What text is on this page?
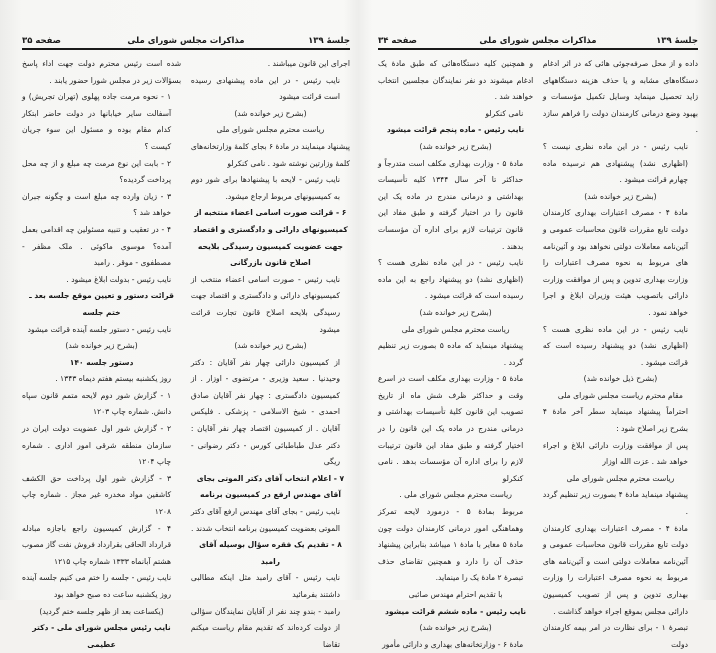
جلسهٔ ۱۳۹
مذاکرات مجلس شورای ملی
صفحه ۳۵

اجرای این قانون میباشند .

نایب رئیس - در این ماده پیشنهادی رسیده است قرائت میشود

(بشرح زیر خوانده شد)

ریاست محترم مجلس شورای ملی

پیشنهاد مینمایند در مادهٔ ۶ بجای کلمهٔ وزارتخانه‌های کلمهٔ وزارتین نوشته شود . نامی کنکرلو

نایب رئیس - لایحه با پیشنهادها برای شور دوم به کمیسیونهای مربوط ارجاع میشود.

۶ - قرائت صورت اسامی اعضاء منتخبه از کمیسیونهای دارائی و دادگستری و اقتصاد جهت عضویت کمیسیون رسیدگی بلایحه اصلاح قانون بازرگانی

نایب رئیس - صورت اسامی اعضاء منتخب از کمیسیونهای دارائی و دادگستری و اقتصاد جهت رسیدگی بلایحه اصلاح قانون تجارت قرائت میشود

(بشرح زیر خوانده شد)

از کمیسیون دارائی چهار نفر آقایان : دکتر وحیدنیا . سعید وزیری - مرتضوی - اوزار . از کمیسیون دادگستری : چهار نفر آقایان صادق احمدی - شیخ الاسلامی - پزشکی . فلیکس آقایان . از کمیسیون اقتصاد چهار نفر آقایان : دکتر عدل طباطبائی کورس - دکتر رضوانی - ریگی

۷ - اعلام انتخاب آقای دکتر الموتی بجای آقای مهندس ارفع در کمیسیون برنامه

نایب رئیس - بجای آقای مهندس ارفع آقای دکتر الموتی بعضویت کمیسیون برنامه انتخاب شدند .

۸ - تقدیم یک فقره سؤال بوسیله آقای رامبد

نایب رئیس - آقای رامبد مثل اینکه مطالبی داشتند بفرمائید

رامبد - بندو چند نفر از آقایان نمایندگان سؤالی از دولت کرده‌اند که تقدیم مقام ریاست میکنم تقاضا

شده است رئیس محترم دولت جهت اداء پاسخ بسؤالات زیر در مجلس شورا حضور یابند .

۱ - نحوه مرمت جاده پهلوی (تهران تجریش) و آسفالت سایر خیابانها در دولت حاضر ابتکار کدام مقام بوده و مسئول این سوء جریان کیست ؟

۲ - بابت این نوع مرمت چه مبلغ و از چه محل پرداخت گردیده؟

۳ - زیان وارده چه مبلغ است و چگونه جبران خواهد شد ؟

۴ - در تعقیب و تنبیه مسئولین چه اقدامی بعمل آمده؟ موسوی ماکوئی . ملک مظفر - مصطفوی - موقر . رامبد

نایب رئیس - بدولت ابلاغ میشود .

قرائت دستور و تعیین موقع جلسه بعد ـ ختم جلسه

نایب رئیس - دستور جلسه آینده قرائت میشود

(بشرح زیر خوانده شد)

دستور جلسه ۱۴۰

روز یکشنبه بیستم هفتم دیماه ۱۳۴۳ .

۱ - گزارش شور دوم لایحه متمم قانون سپاه دانش. شماره چاپ ۱۲۰۳

۲ - گزارش شور اول عضویت دولت ایران در سازمان منطقه شرقی امور اداری . شماره چاپ ۱۲۰۴

۳ - گزارش شور اول پرداخت حق الکشف کاشفین مواد مخدره غیر مجاز . شماره چاپ ۱۲۰۸

۴ - گزارش کمیسیون راجع باجازه مبادله قرارداد الحاقی بقرارداد فروش نفت گاز مصوب هشتم آبانماه ۱۳۳۳ شماره چاپ ۱۲۱۵

نایب رئیس - جلسه را ختم می کنیم جلسه آینده روز یکشنبه ساعت ده صبح خواهد بود

(یکساعت بعد از ظهر جلسه ختم گردید)

نایب رئیس مجلس شورای ملی - دکتر عطیمی

جلسهٔ ۱۳۹
مذاکرات مجلس شورای ملی
صفحه ۳۴

داده و از محل صرفه‌جوئی هائی که در اثر ادغام دستگاه‌های مشابه و یا حذف هزینه دستگاههای زاید تحصیل مینماید وسایل تکمیل مؤسسات و بهبود وضع درمانی کارمندان دولت را فراهم سازد .

نایب رئیس - در این ماده نظری نیست ؟ (اظهاری نشد) پیشنهادی هم نرسیده ماده چهارم قرائت میشود .

(بشرح زیر خوانده شد)

مادهٔ ۴ - مصرف اعتبارات بهداری کارمندان دولت تابع مقررات قانون محاسبات عمومی و آئین‌نامه معاملات دولتی نخواهد بود و آئین‌نامه های مربوط به نحوه مصرف اعتبارات را وزارت بهداری تدوین و پس از موافقت وزارت دارائی باتصویب هیئت وزیران ابلاغ و اجرا خواهد نمود .

نایب رئیس - در این ماده نظری هست ؟ (اظهاری نشد) دو پیشنهاد رسیده است که قرائت میشود .

(بشرح ذیل خوانده شد)

مقام محترم ریاست مجلس شورای ملی

احتراماً پیشنهاد مینماید سطر آخر مادهٔ ۴ بشرح زیر اصلاح شود :

پس از موافقت وزارت دارائی ابلاغ و اجراء خواهد شد . عزت الله اوزار

ریاست محترم مجلس شورای ملی

پیشنهاد مینماید مادهٔ ۴ بصورت زیر تنظیم گردد .

مادهٔ ۴ - مصرف اعتبارات بهداری کارمندان دولت تابع مقررات قانون محاسبات عمومی و آئین‌نامه معاملات دولتی است و آئین‌نامه های مربوط به نحوه مصرف اعتبارات را وزارت بهداری تدوین و پس از تصویب کمیسیون دارائی مجلس بموقع اجراء خواهد گذاشت .

تبصرهٔ ۱ - برای نظارت در امر بیمه کارمندان دولت

و همچنین کلیه دستگاه‌هائی که طبق مادهٔ یک ادغام میشوند دو نفر نمایندگان مجلسین انتخاب خواهند شد .

نامی کنکرلو

نایب رئیس - ماده پنجم قرائت میشود

(بشرح زیر خوانده شد)

مادهٔ ۵ - وزارت بهداری مکلف است متدرجاً و حداکثر تا آخر سال ۱۳۴۴ کلیه تأسیسات بهداشتی و درمانی مندرج در ماده یک این قانون را در اختیار گرفته و طبق مفاد این قانون ترتیبات لازم برای اداره آن مؤسسات بدهند .

نایب رئیس - در این ماده نظری هست ؟ (اظهاری نشد) دو پیشنهاد راجع به این ماده رسیده است که قرائت میشود .

(بشرح زیر خوانده شد)

ریاست محترم مجلس شورای ملی

پیشنهاد مینماید که ماده ۵ بصورت زیر تنظیم گردد .

مادهٔ ۵ - وزارت بهداری مکلف است در اسرع وقت و حداکثر ظرف شش ماه از تاریخ تصویب این قانون کلیهٔ تأسیسات بهداشتی و درمانی مندرج در ماده یک این قانون را در اختیار گرفته و طبق مفاد این قانون ترتیبات لازم را برای اداره آن مؤسسات بدهد . نامی کنکرلو

ریاست محترم مجلس شورای ملی .

مربوط بمادهٔ ۵ - درمورد لایحه تمرکز وهماهنگی امور درمانی کارمندان دولت چون مادهٔ ۵ مغایر با مادهٔ ۱ میباشد بنابراین پیشنهاد حذف آن را دارد و همچنین تقاضای حذف تبصرهٔ ۲ مادهٔ یک را مینماید.

با تقدیم احترام مهندس صائبی

نایب رئیس - ماده ششم قرائت میشود

(بشرح زیر خوانده شد)

مادهٔ ۶ - وزارتخانه‌های بهداری و دارائی مأمور
